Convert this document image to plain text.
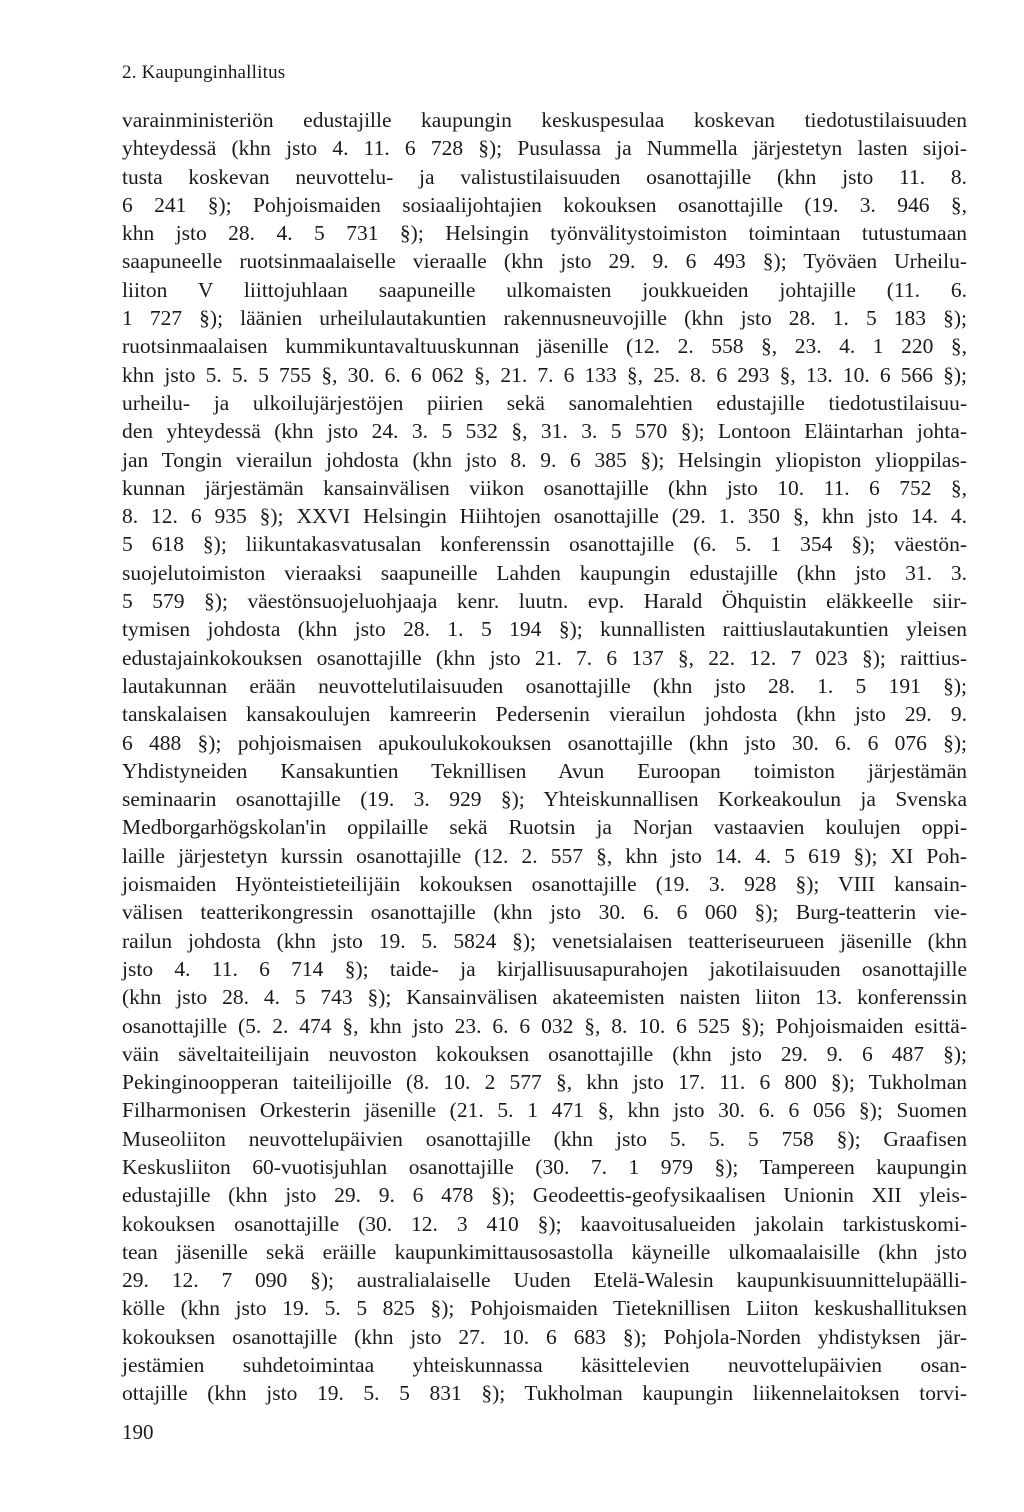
2. Kaupunginhallitus
varainministeriön edustajille kaupungin keskuspesulaa koskevan tiedotustilaisuuden
yhteydessä (khn jsto 4. 11. 6 728 §); Pusulassa ja Nummella järjestetyn lasten sijoi-
tusta koskevan neuvottelu- ja valistustilaisuuden osanottajille (khn jsto 11. 8.
6 241 §); Pohjoismaiden sosiaalijohtajien kokouksen osanottajille (19. 3. 946 §,
khn jsto 28. 4. 5 731 §); Helsingin työnvälitystoimiston toimintaan tutustumaan
saapuneelle ruotsinmaalaiselle vieraalle (khn jsto 29. 9. 6 493 §); Työväen Urheilu-
liiton V liittojuhlaan saapuneille ulkomaisten joukkueiden johtajille (11. 6.
1 727 §); läänien urheilulautakuntien rakennusneuvojille (khn jsto 28. 1. 5 183 §);
ruotsinmaalaisen kummikuntavaltuuskunnan jäsenille (12. 2. 558 §, 23. 4. 1 220 §,
khn jsto 5. 5. 5 755 §, 30. 6. 6 062 §, 21. 7. 6 133 §, 25. 8. 6 293 §, 13. 10. 6 566 §);
urheilu- ja ulkoilujärjestöjen piirien sekä sanomalehtien edustajille tiedotustilaisuu-
den yhteydessä (khn jsto 24. 3. 5 532 §, 31. 3. 5 570 §); Lontoon Eläintarhan johta-
jan Tongin vierailun johdosta (khn jsto 8. 9. 6 385 §); Helsingin yliopiston ylioppilas-
kunnan järjestämän kansainvälisen viikon osanottajille (khn jsto 10. 11. 6 752 §,
8. 12. 6 935 §); XXVI Helsingin Hiihtojen osanottajille (29. 1. 350 §, khn jsto 14. 4.
5 618 §); liikuntakasvatusalan konferenssin osanottajille (6. 5. 1 354 §); väestön-
suojelutoimiston vieraaksi saapuneille Lahden kaupungin edustajille (khn jsto 31. 3.
5 579 §); väestönsuojeluohjaaja kenr. luutn. evp. Harald Öhquistin eläkkeelle siir-
tymisen johdosta (khn jsto 28. 1. 5 194 §); kunnallisten raittiuslautakuntien yleisen
edustajainkokouksen osanottajille (khn jsto 21. 7. 6 137 §, 22. 12. 7 023 §); raittius-
lautakunnan erään neuvottelutilaisuuden osanottajille (khn jsto 28. 1. 5 191 §);
tanskalaisen kansakoulujen kamreerin Pedersenin vierailun johdosta (khn jsto 29. 9.
6 488 §); pohjoismaisen apukoulukokouksen osanottajille (khn jsto 30. 6. 6 076 §);
Yhdistyneiden Kansakuntien Teknillisen Avun Euroopan toimiston järjestämän
seminaarin osanottajille (19. 3. 929 §); Yhteiskunnallisen Korkeakoulun ja Svenska
Medborgarhögskolan'in oppilaille sekä Ruotsin ja Norjan vastaavien koulujen oppi-
laille järjestetyn kurssin osanottajille (12. 2. 557 §, khn jsto 14. 4. 5 619 §); XI Poh-
joismaiden Hyönteistieteilijäin kokouksen osanottajille (19. 3. 928 §); VIII kansain-
välisen teatterikongressin osanottajille (khn jsto 30. 6. 6 060 §); Burg-teatterin vie-
railun johdosta (khn jsto 19. 5. 5824 §); venetsialaisen teatteriseurueen jäsenille (khn
jsto 4. 11. 6 714 §); taide- ja kirjallisuusapurahojen jakotilaisuuden osanottajille
(khn jsto 28. 4. 5 743 §); Kansainvälisen akateemisten naisten liiton 13. konferenssin
osanottajille (5. 2. 474 §, khn jsto 23. 6. 6 032 §, 8. 10. 6 525 §); Pohjoismaiden esittä-
väin säveltaiteilijain neuvoston kokouksen osanottajille (khn jsto 29. 9. 6 487 §);
Pekinginoopperan taiteilijoille (8. 10. 2 577 §, khn jsto 17. 11. 6 800 §); Tukholman
Filharmonisen Orkesterin jäsenille (21. 5. 1 471 §, khn jsto 30. 6. 6 056 §); Suomen
Museoliiton neuvottelupäivien osanottajille (khn jsto 5. 5. 5 758 §); Graafisen
Keskusliiton 60-vuotisjuhlan osanottajille (30. 7. 1 979 §); Tampereen kaupungin
edustajille (khn jsto 29. 9. 6 478 §); Geodeettis-geofysikaalisen Unionin XII yleis-
kokouksen osanottajille (30. 12. 3 410 §); kaavoitusalueiden jakolain tarkistuskomi-
tean jäsenille sekä eräille kaupunkimittausosastolla käyneille ulkomaalaisille (khn jsto
29. 12. 7 090 §); australialaiselle Uuden Etelä-Walesin kaupunkisuunnittelupäälli-
kölle (khn jsto 19. 5. 5 825 §); Pohjoismaiden Tieteknillisen Liiton keskushallituksen
kokouksen osanottajille (khn jsto 27. 10. 6 683 §); Pohjola-Norden yhdistyksen jär-
jestämien suhdetoimintaa yhteiskunnassa käsittelevien neuvottelupäivien osan-
ottajille (khn jsto 19. 5. 5 831 §); Tukholman kaupungin liikennelaitoksen torvi-

190
